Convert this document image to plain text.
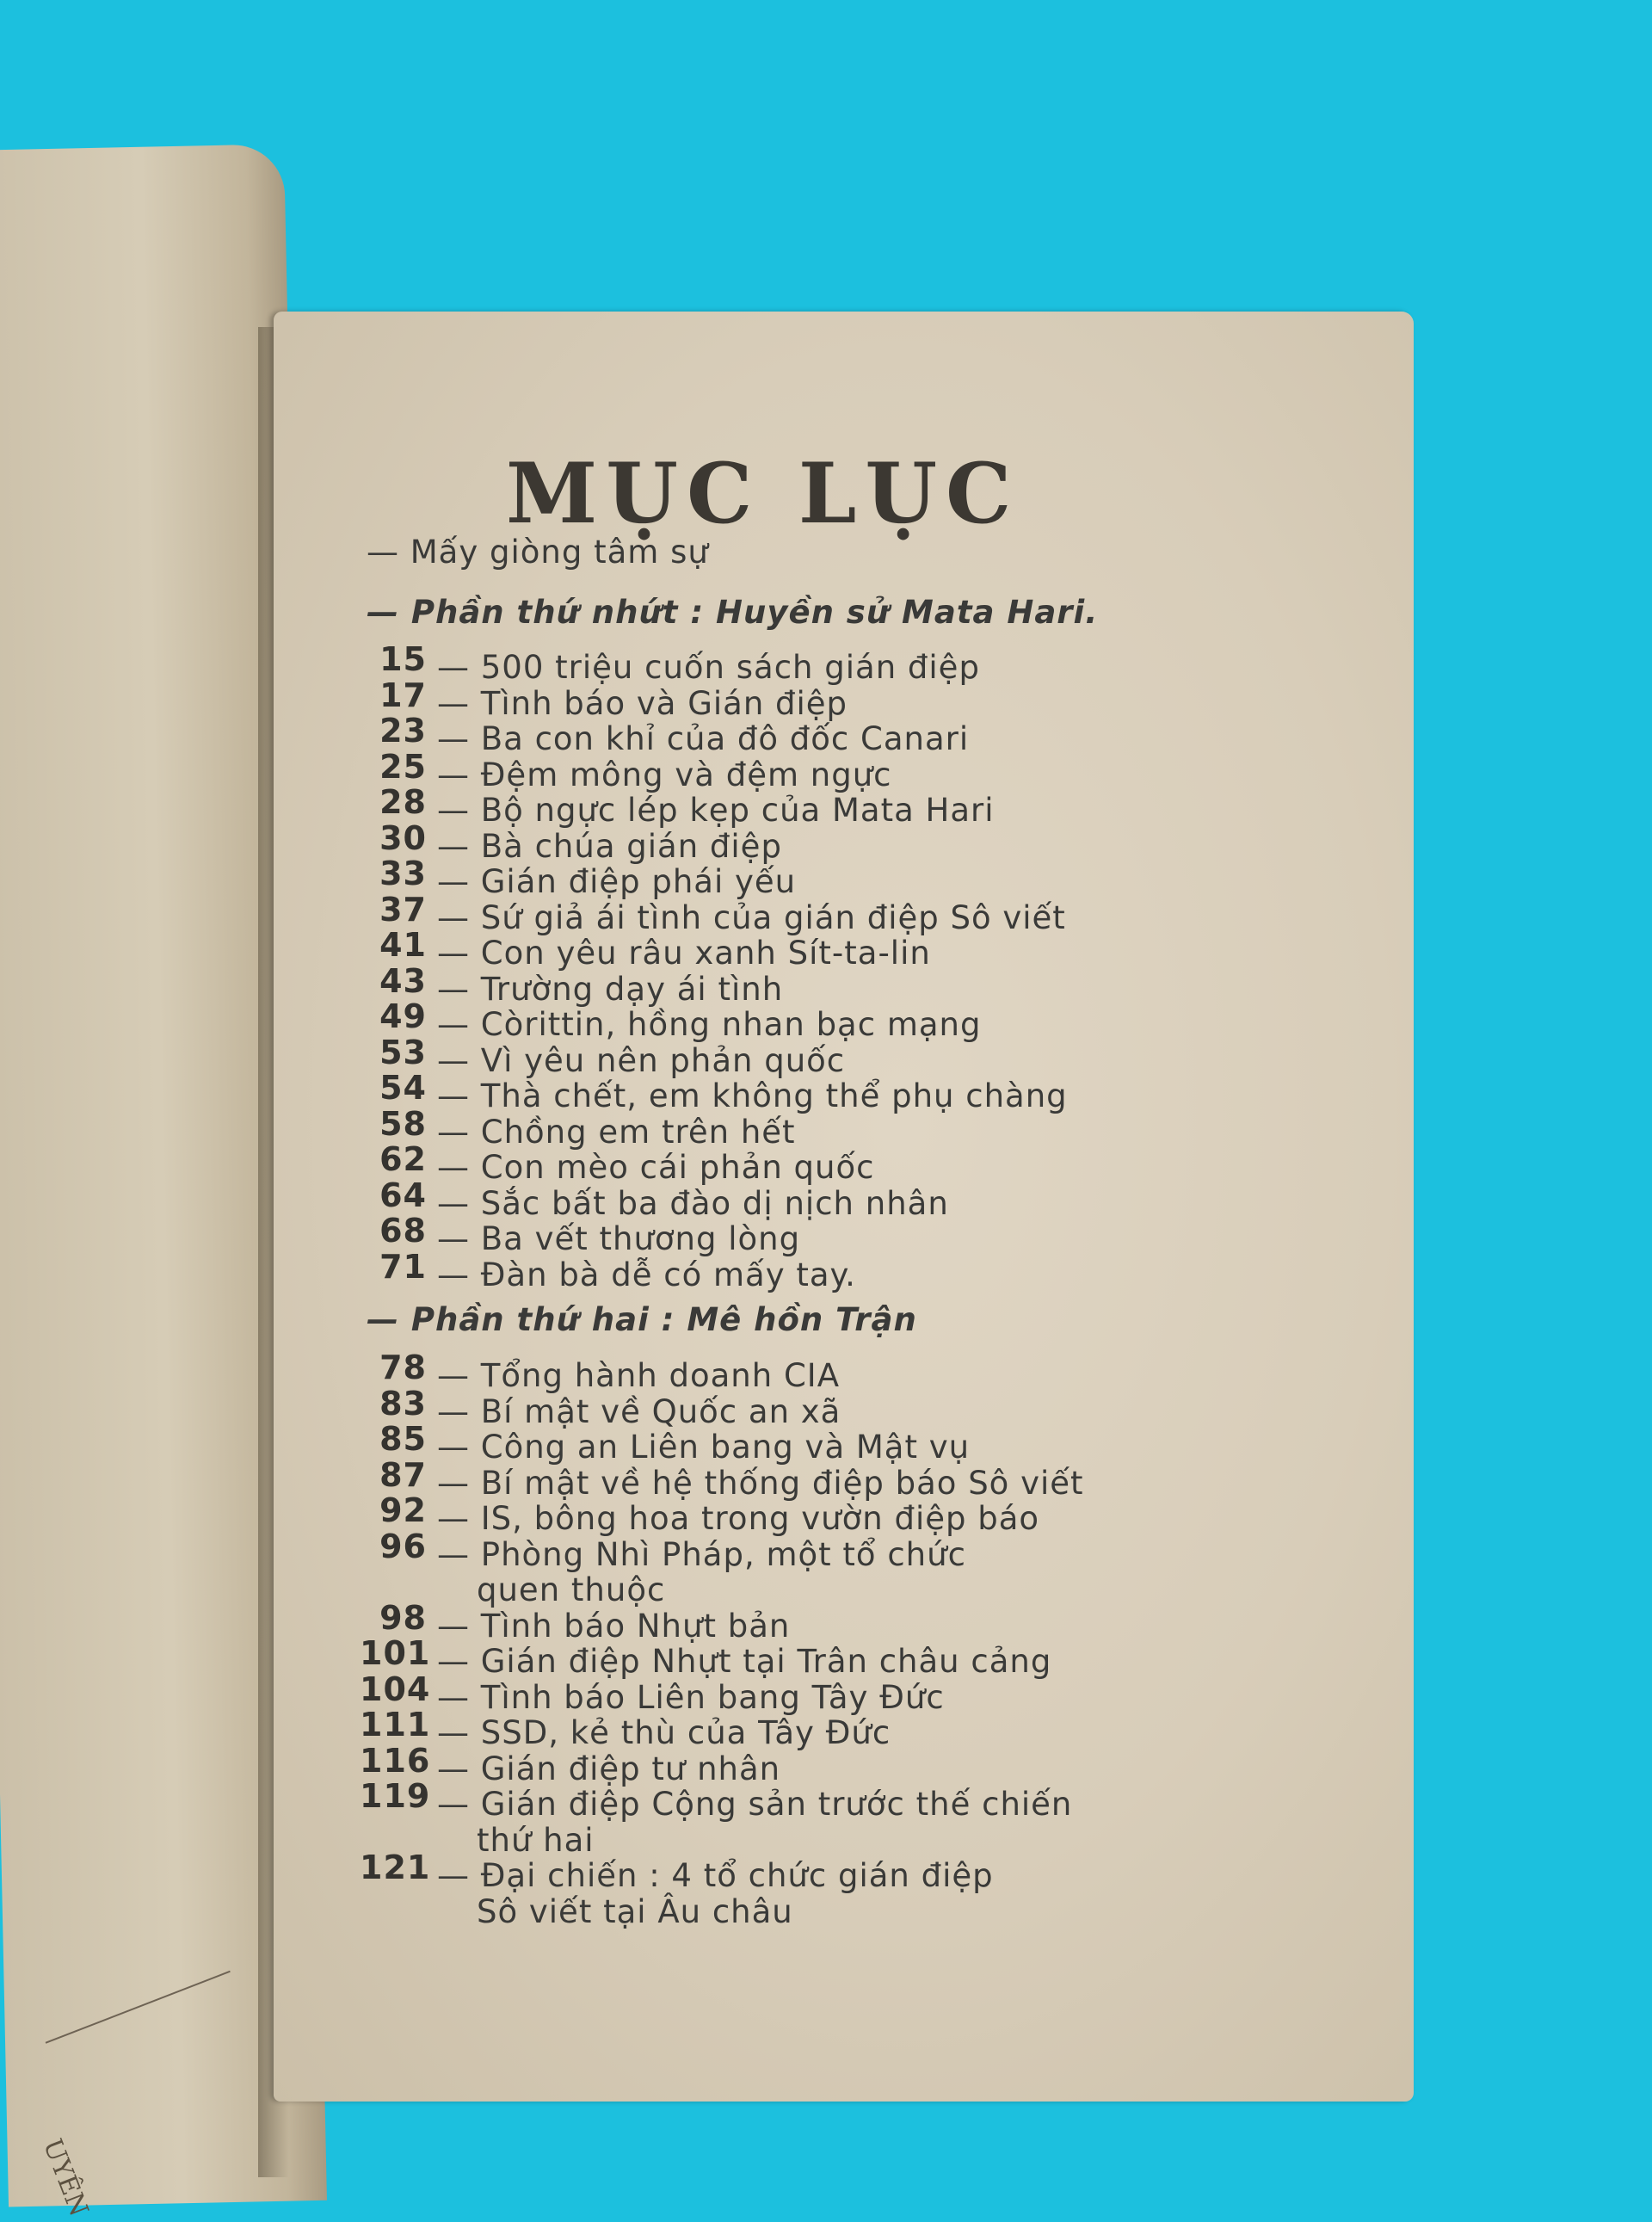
UYÊN
MỤC LỤC
— Mấy giòng tâm sự
— Phần thứ nhứt : Huyền sử Mata Hari.
15 — 500 triệu cuốn sách gián điệp
17 — Tình báo và Gián điệp
23 — Ba con khỉ của đô đốc Canari
25 — Đệm mông và đệm ngực
28 — Bộ ngực lép kẹp của Mata Hari
30 — Bà chúa gián điệp
33 — Gián điệp phái yếu
37 — Sứ giả ái tình của gián điệp Sô viết
41 — Con yêu râu xanh Sít-ta-lin
43 — Trường dạy ái tình
49 — Còrittin, hồng nhan bạc mạng
53 — Vì yêu nên phản quốc
54 — Thà chết, em không thể phụ chàng
58 — Chồng em trên hết
62 — Con mèo cái phản quốc
64 — Sắc bất ba đào dị nịch nhân
68 — Ba vết thương lòng
71 — Đàn bà dễ có mấy tay.
— Phần thứ hai : Mê hồn Trận
78 — Tổng hành doanh CIA
83 — Bí mật về Quốc an xã
85 — Công an Liên bang và Mật vụ
87 — Bí mật về hệ thống điệp báo Sô viết
92 — IS, bông hoa trong vườn điệp báo
96 — Phòng Nhì Pháp, một tổ chức
quen thuộc
98 — Tình báo Nhựt bản
101 — Gián điệp Nhựt tại Trân châu cảng
104 — Tình báo Liên bang Tây Đức
111 — SSD, kẻ thù của Tây Đức
116 — Gián điệp tư nhân
119 — Gián điệp Cộng sản trước thế chiến
thứ hai
121 — Đại chiến : 4 tổ chức gián điệp
Sô viết tại Âu châu
